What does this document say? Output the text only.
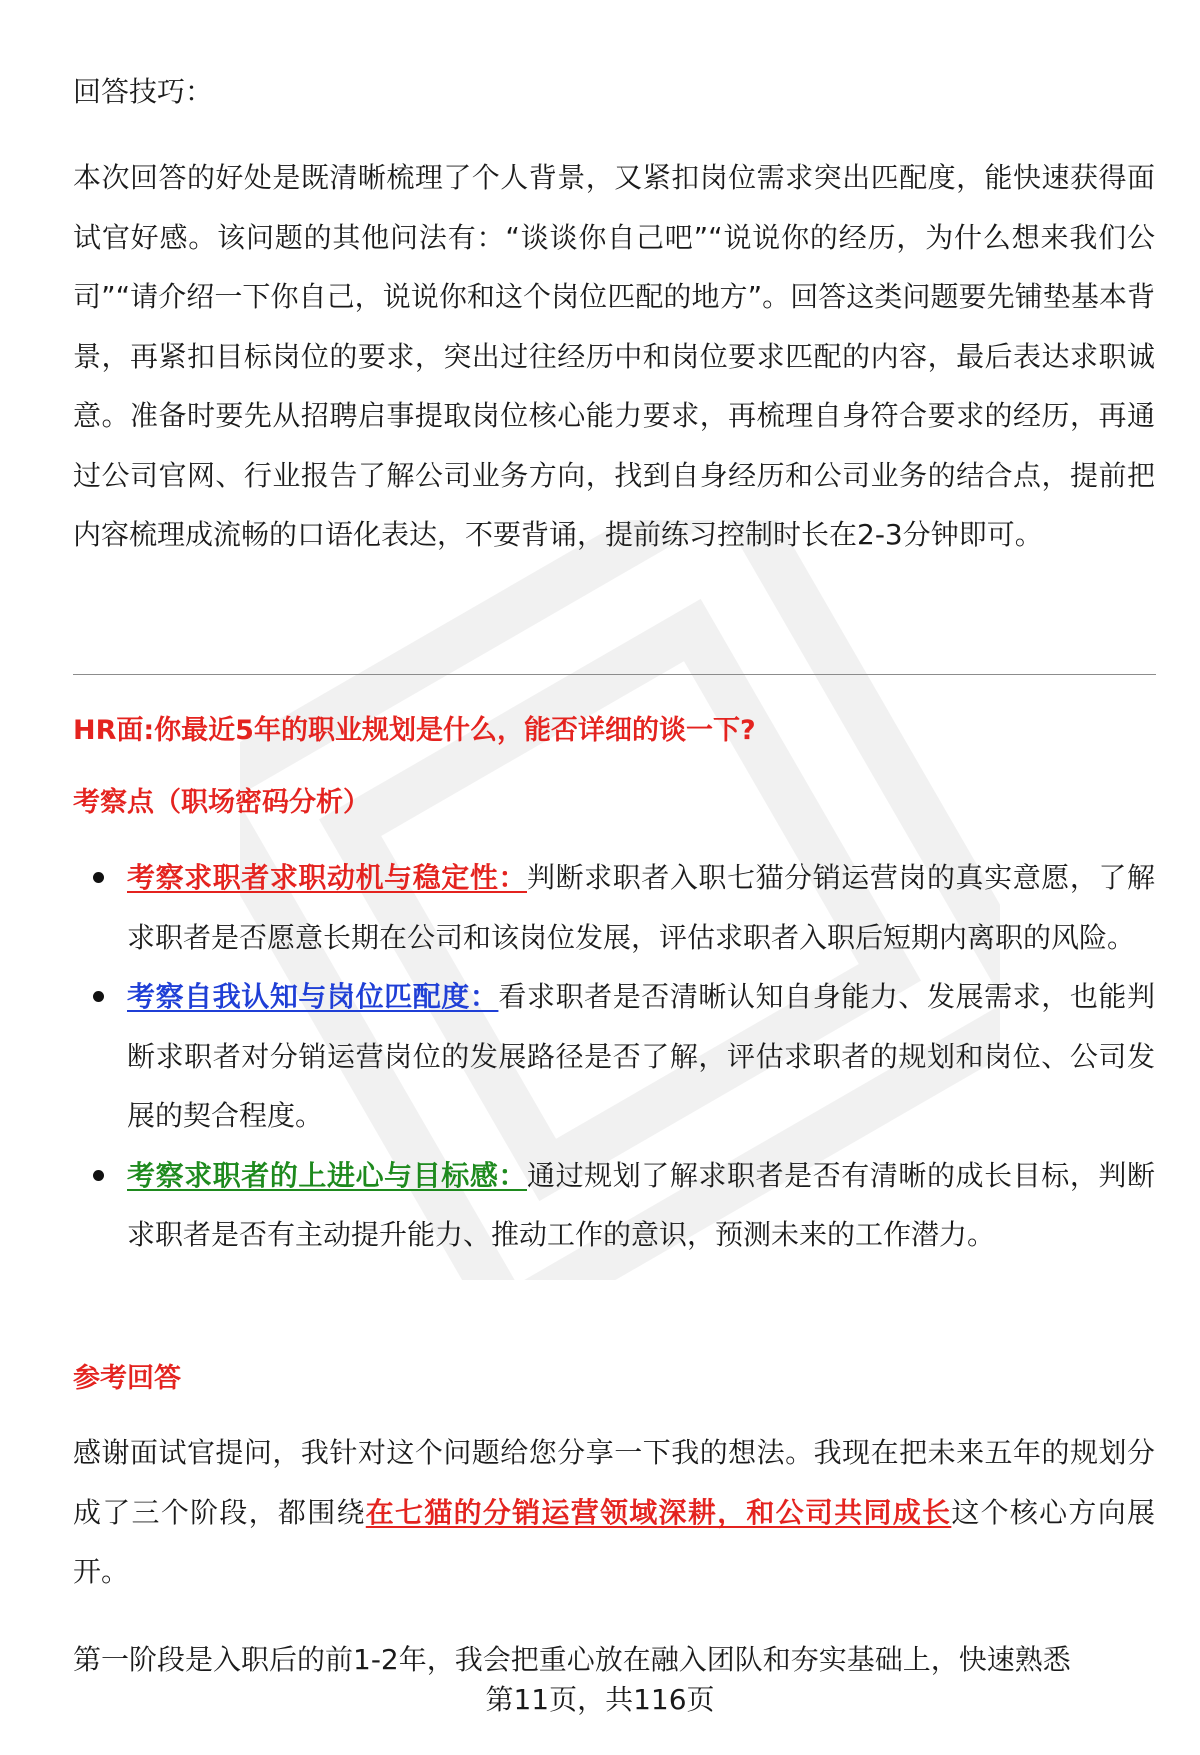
回答技巧：

本次回答的好处是既清晰梳理了个人背景，又紧扣岗位需求突出匹配度，能快速获得面试官好感。该问题的其他问法有：“谈谈你自己吧”“说说你的经历，为什么想来我们公司”“请介绍一下你自己，说说你和这个岗位匹配的地方”。回答这类问题要先铺垫基本背景，再紧扣目标岗位的要求，突出过往经历中和岗位要求匹配的内容，最后表达求职诚意。准备时要先从招聘启事提取岗位核心能力要求，再梳理自身符合要求的经历，再通过公司官网、行业报告了解公司业务方向，找到自身经历和公司业务的结合点，提前把内容梳理成流畅的口语化表达，不要背诵，提前练习控制时长在2-3分钟即可。

HR面:你最近5年的职业规划是什么，能否详细的谈一下?

考察点（职场密码分析）

考察求职者求职动机与稳定性：判断求职者入职七猫分销运营岗的真实意愿，了解求职者是否愿意长期在公司和该岗位发展，评估求职者入职后短期内离职的风险。
考察自我认知与岗位匹配度：看求职者是否清晰认知自身能力、发展需求，也能判断求职者对分销运营岗位的发展路径是否了解，评估求职者的规划和岗位、公司发展的契合程度。
考察求职者的上进心与目标感：通过规划了解求职者是否有清晰的成长目标，判断求职者是否有主动提升能力、推动工作的意识，预测未来的工作潜力。

参考回答

感谢面试官提问，我针对这个问题给您分享一下我的想法。我现在把未来五年的规划分成了三个阶段，都围绕在七猫的分销运营领域深耕，和公司共同成长这个核心方向展开。

第一阶段是入职后的前1-2年，我会把重心放在融入团队和夯实基础上，快速熟悉

第11页，共116页
